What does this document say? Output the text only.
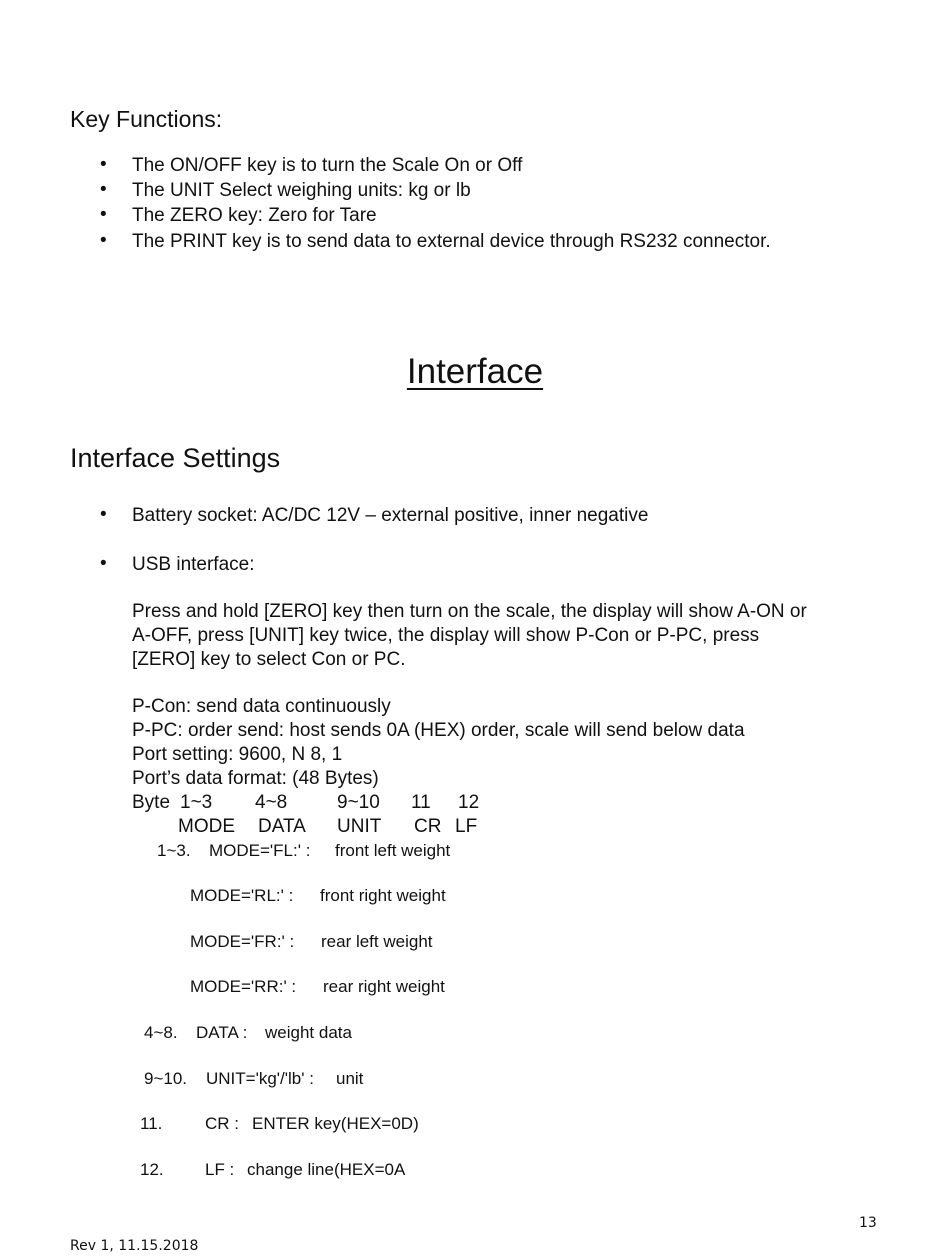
Key Functions:
• The ON/OFF key is to turn the Scale On or Off
• The UNIT Select weighing units: kg or lb
• The ZERO key: Zero for Tare
• The PRINT key is to send data to external device through RS232 connector.
Interface
Interface Settings
• Battery socket: AC/DC 12V – external positive, inner negative
• USB interface:
Press and hold [ZERO] key then turn on the scale, the display will show A-ON or
A-OFF, press [UNIT] key twice, the display will show P-Con or P-PC, press
[ZERO] key to select Con or PC.
P-Con: send data continuously
P-PC: order send: host sends 0A (HEX) order, scale will send below data
Port setting: 9600, N 8, 1
Port’s data format: (48 Bytes)
Byte 1~3 4~8	9~10 11 12
MODE DATA UNIT CR LF
1~3. MODE='FL:' : front left weight
MODE='RL:' : front right weight
MODE='FR:' : rear left weight
MODE='RR:' : rear right weight
4~8. DATA : weight data
9~10. UNIT='kg'/'lb' : unit
11.	CR : ENTER key(HEX=0D)
12. LF : change line(HEX=0A
13
Rev 1, 11.15.2018
